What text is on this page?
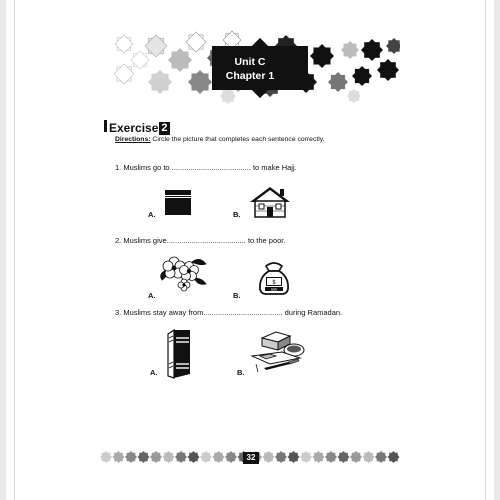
Unit C
Chapter 1
Exercise 2
Directions: Circle the picture that completes each sentence correctly.
1. Muslims go to ...................................... to make Hajj.
A.	B.
2. Muslims give...................................... to the poor.
A.	B.
$
$$$
3. Muslims stay away from...................................... during Ramadan.
A.	B.
32
